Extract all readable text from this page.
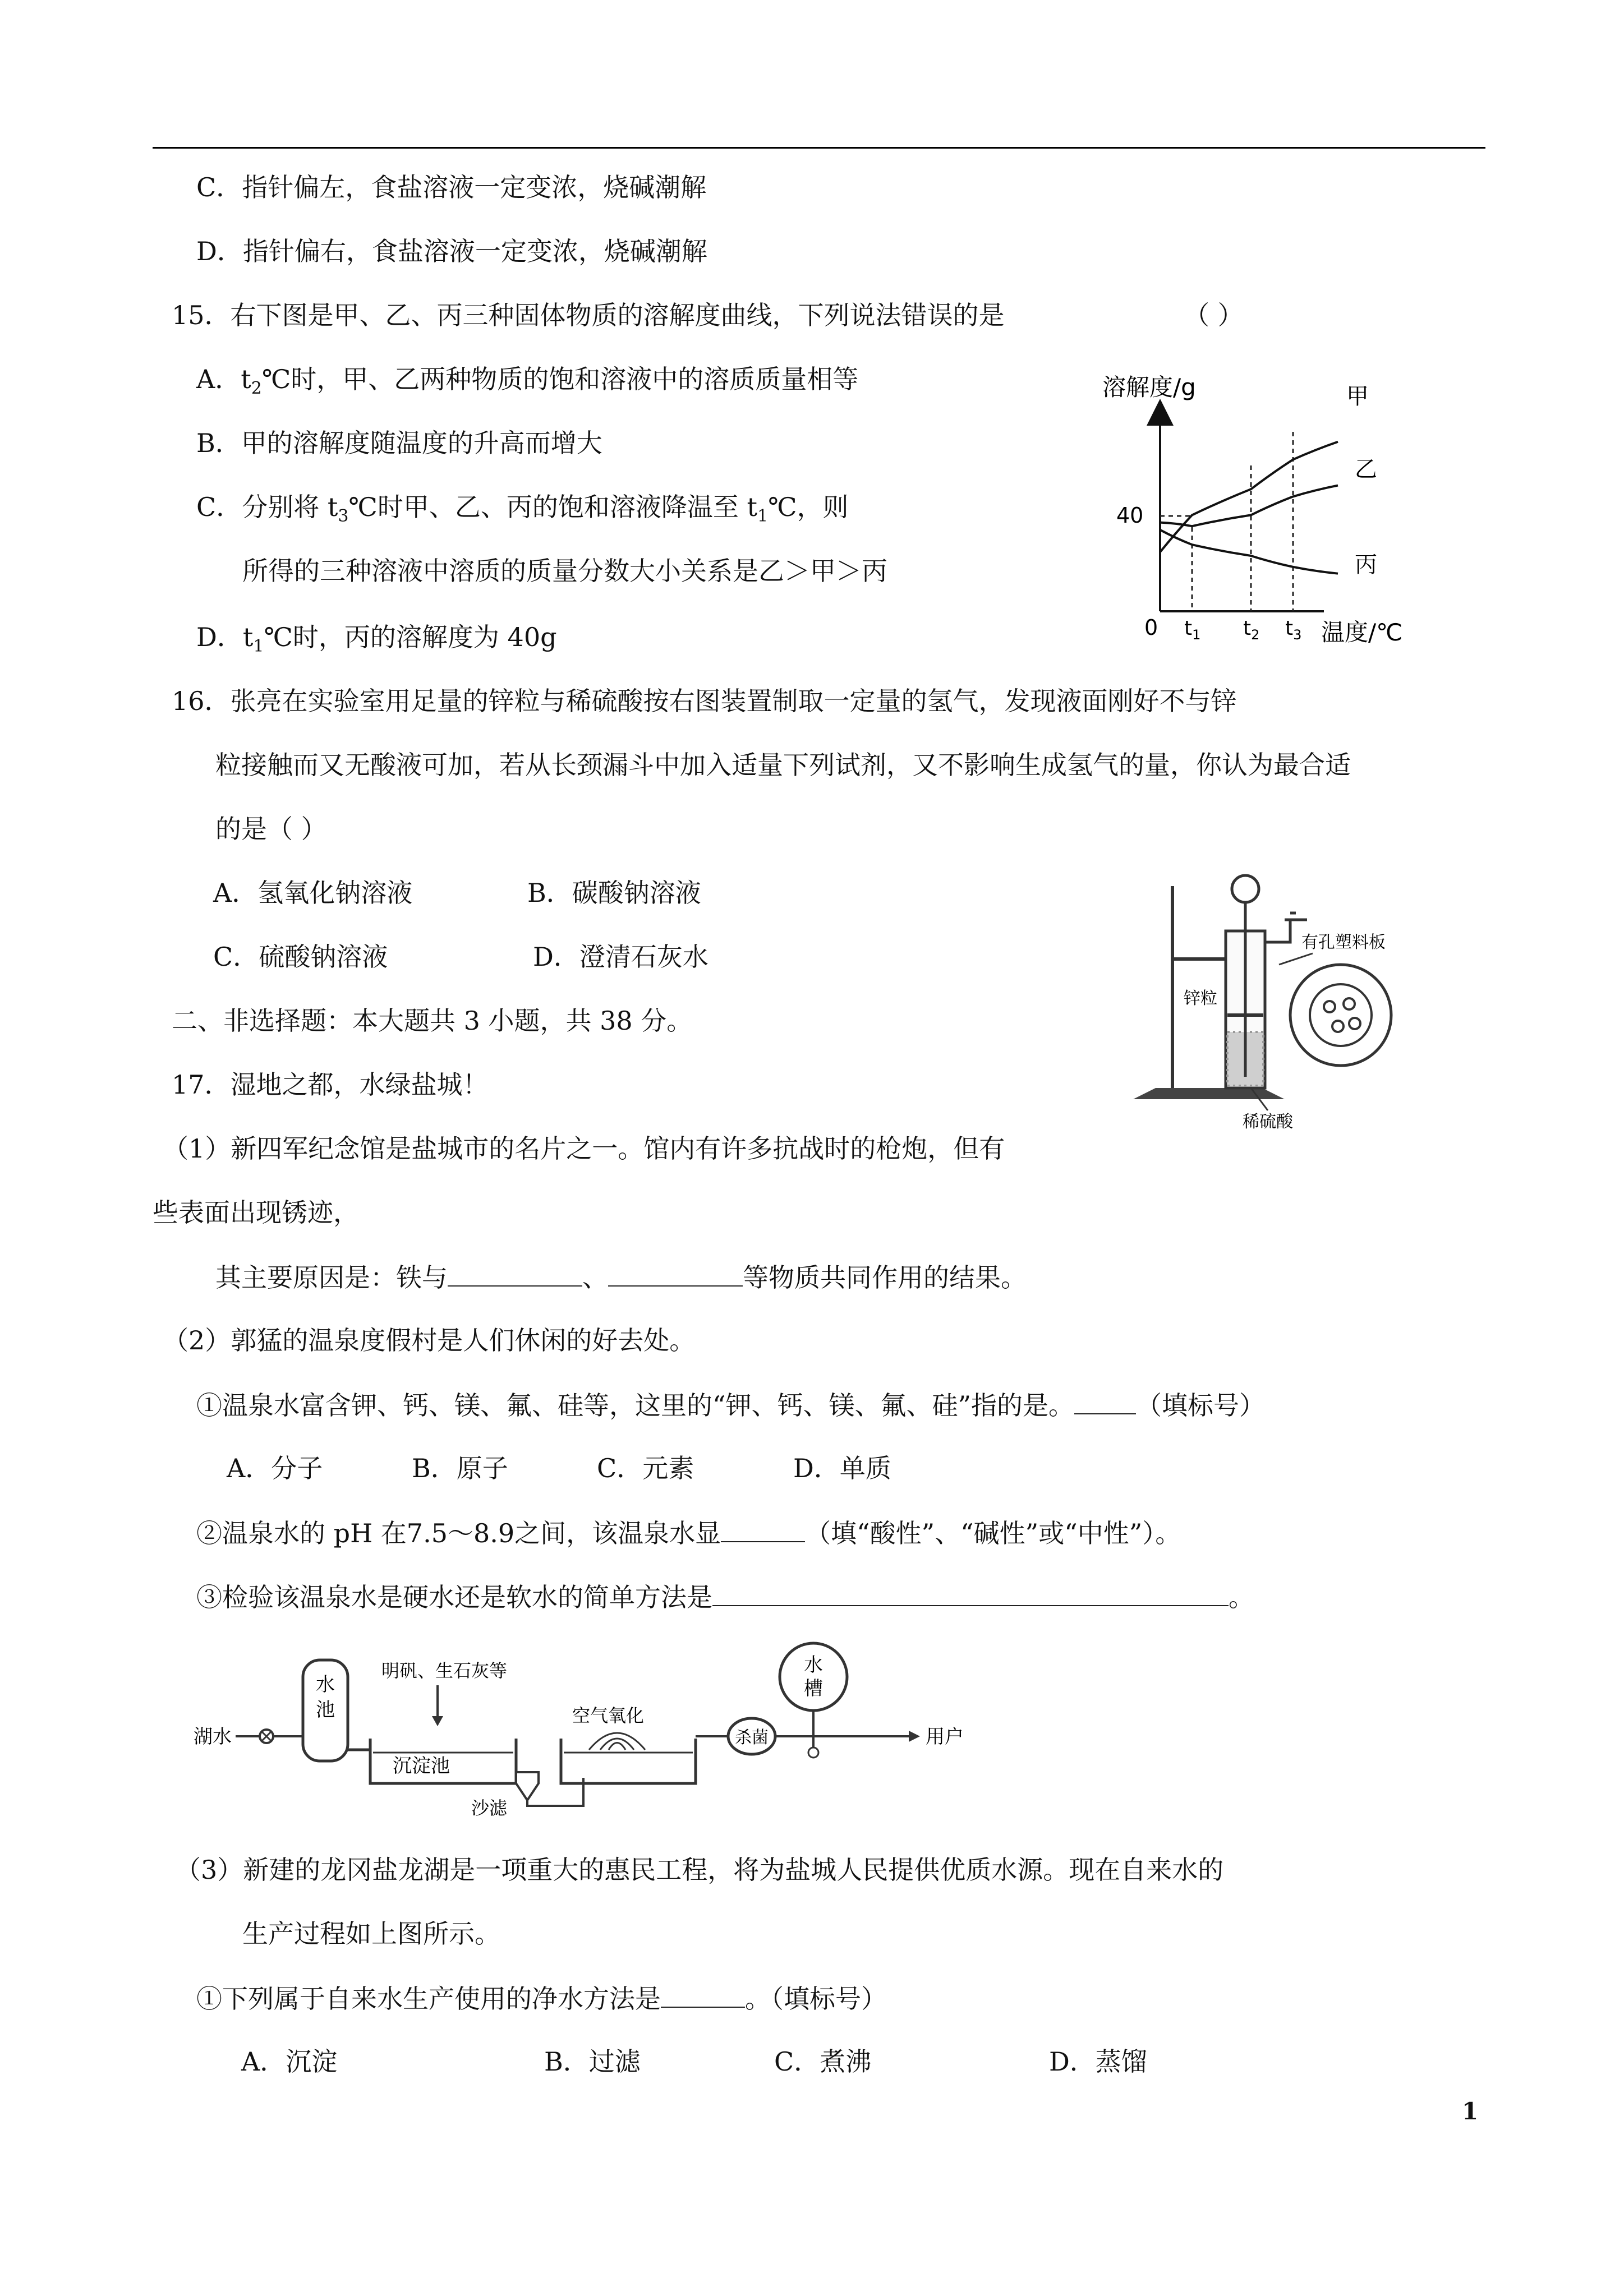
C．指针偏左，食盐溶液一定变浓，烧碱潮解
D．指针偏右，食盐溶液一定变浓，烧碱潮解
15．右下图是甲、乙、丙三种固体物质的溶解度曲线，下列说法错误的是	（ ）
A．$t_2℃$时，甲、乙两种物质的饱和溶液中的溶质质量相等
B．甲的溶解度随温度的升高而增大
C．分别将 $t_3℃$时甲、乙、丙的饱和溶液降温至 $t_1℃$，则
所得的三种溶液中溶质的质量分数大小关系是乙＞甲＞丙
D．$t_1℃$时，丙的溶解度为 40g
溶解度/g
温度/℃
0
40
$t_1$ $t_2$ $t_3$
甲
乙
丙
16．张亮在实验室用足量的锌粒与稀硫酸按右图装置制取一定量的氢气，发现液面刚好不与锌
粒接触而又无酸液可加，若从长颈漏斗中加入适量下列试剂，又不影响生成氢气的量，你认为最合适
的是（ ）
A．氢氧化钠溶液	B．碳酸钠溶液
C．硫酸钠溶液	D．澄清石灰水	有孔塑料板
锌粒
稀硫酸
二、非选择题：本大题共 3 小题，共 38 分。
17．湿地之都，水绿盐城！
（1）新四军纪念馆是盐城市的名片之一。馆内有许多抗战时的枪炮，但有
些表面出现锈迹，
其主要原因是：铁与	、	等物质共同作用的结果。
（2）郭猛的温泉度假村是人们休闲的好去处。
①温泉水富含钾、钙、镁、氟、硅等，这里的“钾、钙、镁、氟、硅”指的是。 （填标号）
A．分子	B．原子	C．元素	D．单质
②温泉水的 pH 在7.5～8.9之间，该温泉水显	（填“酸性”、“碱性”或“中性”）。
③检验该温泉水是硬水还是软水的简单方法是	。
湖水
水
池
明矾、生石灰等
沉淀池
沙滤
空气氧化
杀菌
水
槽
用户
（3）新建的龙冈盐龙湖是一项重大的惠民工程，将为盐城人民提供优质水源。现在自来水的
生产过程如上图所示。
①下列属于自来水生产使用的净水方法是	。（填标号）
A．沉淀	B．过滤	C．煮沸	D．蒸馏
1
